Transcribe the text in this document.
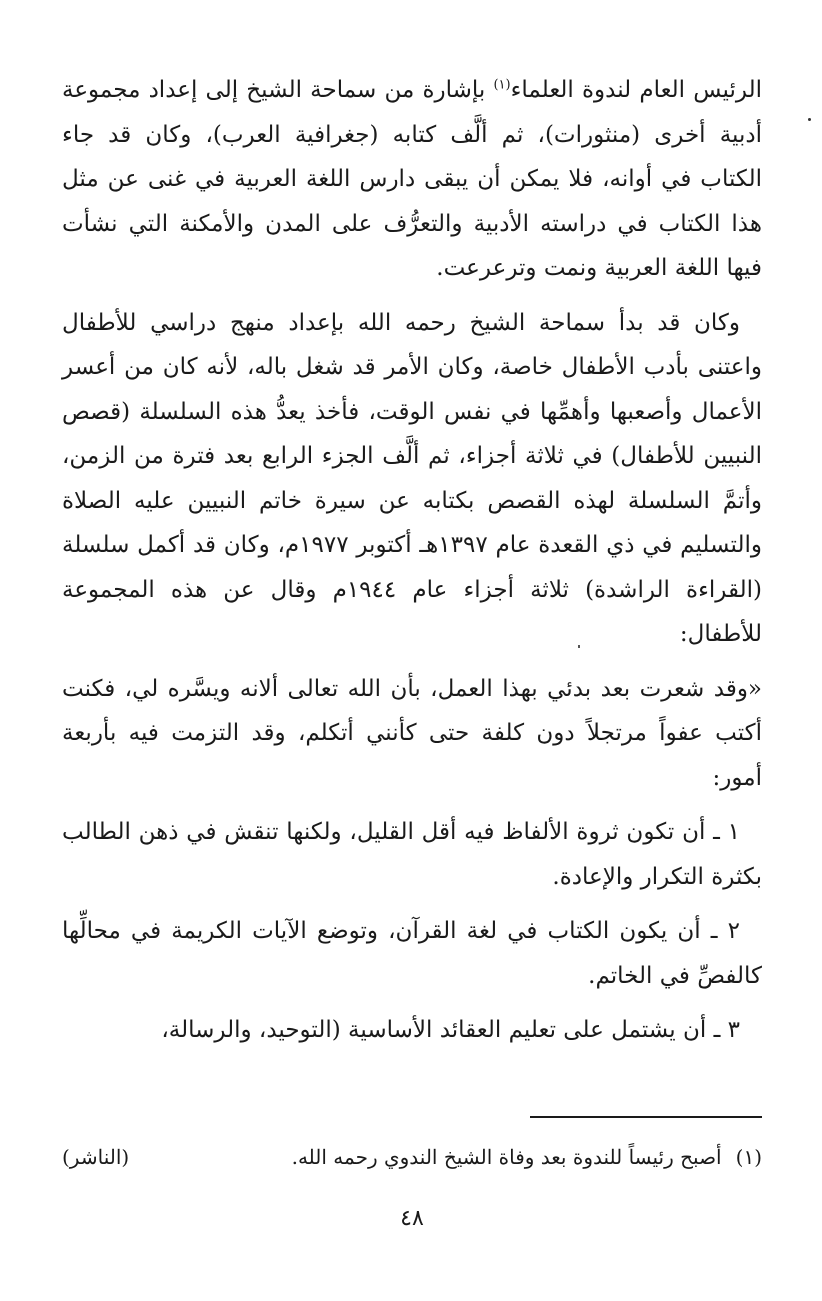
الرئيس العام لندوة العلماء$^{(١)}$ بإشارة من سماحة الشيخ إلى إعداد مجموعة أدبية أخرى (منثورات)، ثم ألَّف كتابه (جغرافية العرب)، وكان قد جاء الكتاب في أوانه، فلا يمكن أن يبقى دارس اللغة العربية في غنى عن مثل هذا الكتاب في دراسته الأدبية والتعرُّف على المدن والأمكنة التي نشأت فيها اللغة العربية ونمت وترعرعت.

وكان قد بدأ سماحة الشيخ رحمه الله بإعداد منهج دراسي للأطفال واعتنى بأدب الأطفال خاصة، وكان الأمر قد شغل باله، لأنه كان من أعسر الأعمال وأصعبها وأهمِّها في نفس الوقت، فأخذ يعدُّ هذه السلسلة (قصص النبيين للأطفال) في ثلاثة أجزاء، ثم ألَّف الجزء الرابع بعد فترة من الزمن، وأتمَّ السلسلة لهذه القصص بكتابه عن سيرة خاتم النبيين عليه الصلاة والتسليم في ذي القعدة عام ١٣٩٧هـ أكتوبر ١٩٧٧م، وكان قد أكمل سلسلة (القراءة الراشدة) ثلاثة أجزاء عام ١٩٤٤م وقال عن هذه المجموعة للأطفال:

«وقد شعرت بعد بدئي بهذا العمل، بأن الله تعالى ألانه ويسَّره لي، فكنت أكتب عفواً مرتجلاً دون كلفة حتى كأنني أتكلم، وقد التزمت فيه بأربعة أمور:

١ ـ أن تكون ثروة الألفاظ فيه أقل القليل، ولكنها تنقش في ذهن الطالب بكثرة التكرار والإعادة.

٢ ـ أن يكون الكتاب في لغة القرآن، وتوضع الآيات الكريمة في محالِّها كالفصِّ في الخاتم.

٣ ـ أن يشتمل على تعليم العقائد الأساسية (التوحيد، والرسالة،

(١)أصبح رئيساً للندوة بعد وفاة الشيخ الندوي رحمه الله.
(الناشر)
٤٨
